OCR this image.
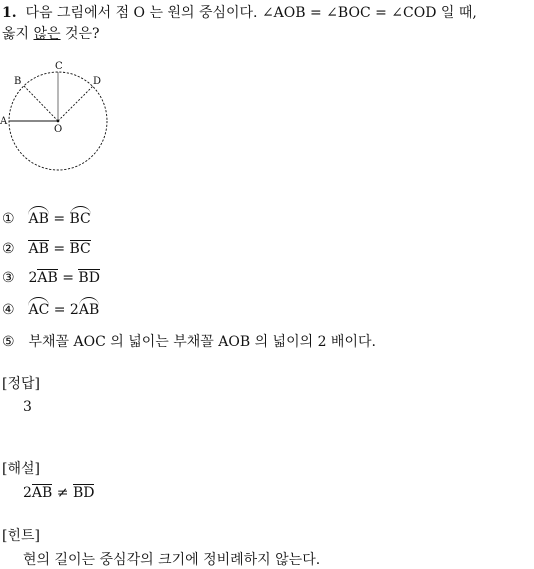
1. 다음 그림에서 점 O 는 원의 중심이다. ∠AOB = ∠BOC = ∠COD 일 때,
옳지 않은 것은?
A
B
C
D
O
① AB = BC
② AB = BC
③ 2AB = BD
④ AC = 2AB
⑤ 부채꼴 AOC 의 넓이는 부채꼴 AOB 의 넓이의 2 배이다.
[정답]
3
[해설]
2AB ≠ BD
[힌트]
현의 길이는 중심각의 크기에 정비례하지 않는다.
